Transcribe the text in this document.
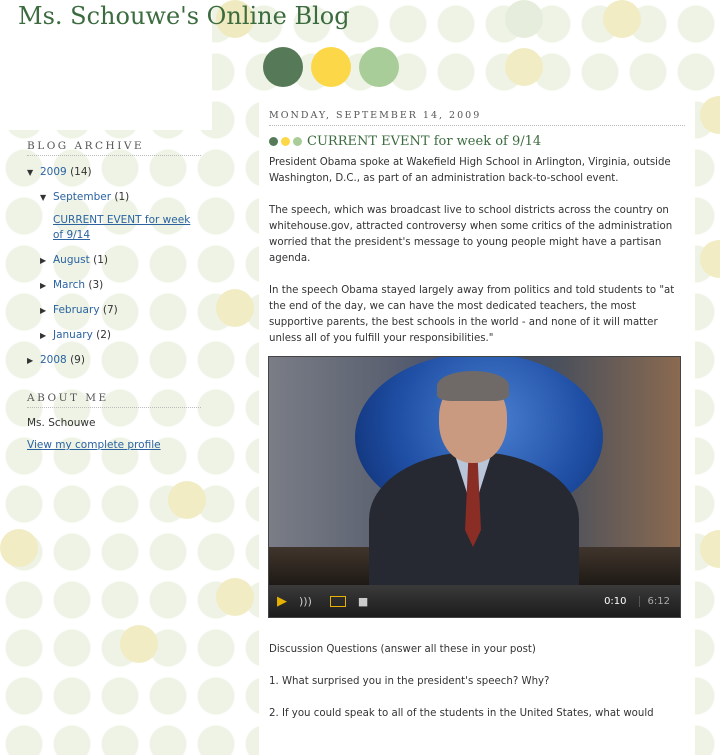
Ms. Schouwe's Online Blog
BLOG ARCHIVE
▼ 2009 (14)
▼ September (1)
CURRENT EVENT for week of 9/14
▶ August (1)
▶ March (3)
▶ February (7)
▶ January (2)
▶ 2008 (9)
ABOUT ME

Ms. Schouwe

View my complete profile
MONDAY, SEPTEMBER 14, 2009
CURRENT EVENT for week of 9/14

President Obama spoke at Wakefield High School in Arlington, Virginia, outside Washington, D.C., as part of an administration back-to-school event.

The speech, which was broadcast live to school districts across the country on whitehouse.gov, attracted controversy when some critics of the administration worried that the president's message to young people might have a partisan agenda.

In the speech Obama stayed largely away from politics and told students to "at the end of the day, we can have the most dedicated teachers, the most supportive parents, the best schools in the world - and none of it will matter unless all of you fulfill your responsibilities."

▶ )))	■	0:10	6:12

Discussion Questions (answer all these in your post)

1. What surprised you in the president's speech? Why?

2. If you could speak to all of the students in the United States, what would
